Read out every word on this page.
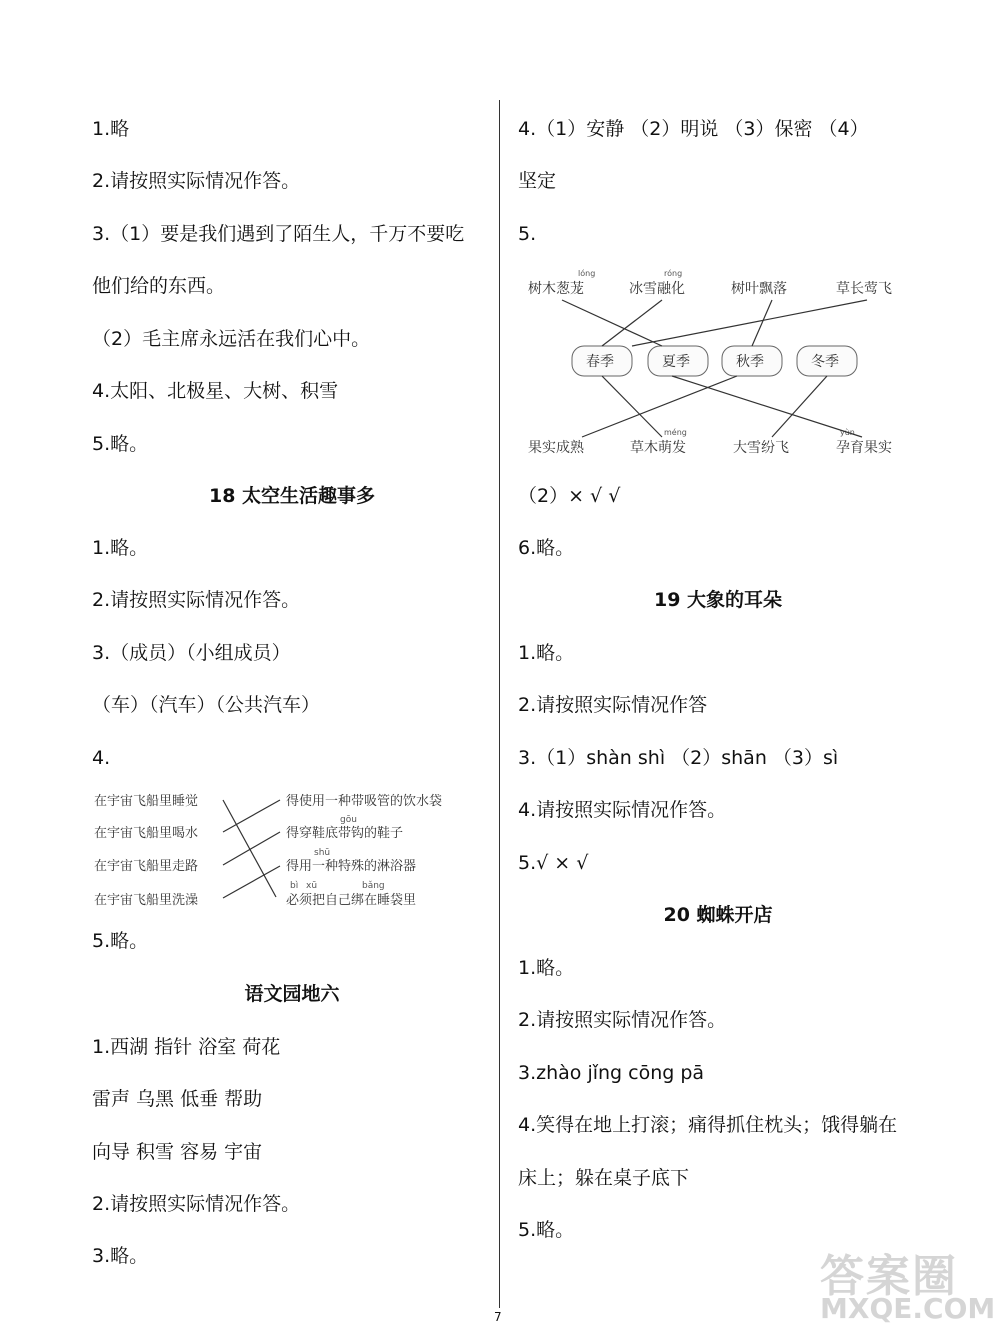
1.略
2.请按照实际情况作答。
3.（1）要是我们遇到了陌生人，千万不要吃
他们给的东西。
（2）毛主席永远活在我们心中。
4.太阳、北极星、大树、积雪
5.略。
18 太空生活趣事多
1.略。
2.请按照实际情况作答。
3.（成员）（小组成员）
（车）（汽车）（公共汽车）
4.
5.略。
语文园地六
1.西湖 指针 浴室 荷花
雷声 乌黑 低垂 帮助
向导 积雪 容易 宇宙
2.请按照实际情况作答。
3.略。
在宇宙飞船里睡觉
在宇宙飞船里喝水
在宇宙飞船里走路
在宇宙飞船里洗澡
得使用一种带吸管的饮水袋
得穿鞋底带钩的鞋子
得用一种特殊的淋浴器
必须把自己绑在睡袋里
gōu
shū
bì xū	bǎng
4.（1）安静 （2）明说 （3）保密 （4）
坚定
5.
（2）× √ √
6.略。
19 大象的耳朵
1.略。
2.请按照实际情况作答
3.（1）shàn shì （2）shān （3）sì
4.请按照实际情况作答。
5.√ × √
20 蜘蛛开店
1.略。
2.请按照实际情况作答。
3.zhào jǐng cōng pā
4.笑得在地上打滚；痛得抓住枕头；饿得躺在
床上；躲在桌子底下
5.略。
树木葱茏	冰雪融化	树叶飘落	草长莺飞
果实成熟	草木萌发	大雪纷飞	孕育果实
lóng	róng
méng	yùn
春季	夏季	秋季	冬季
7
答案圈
MXQE.COM
